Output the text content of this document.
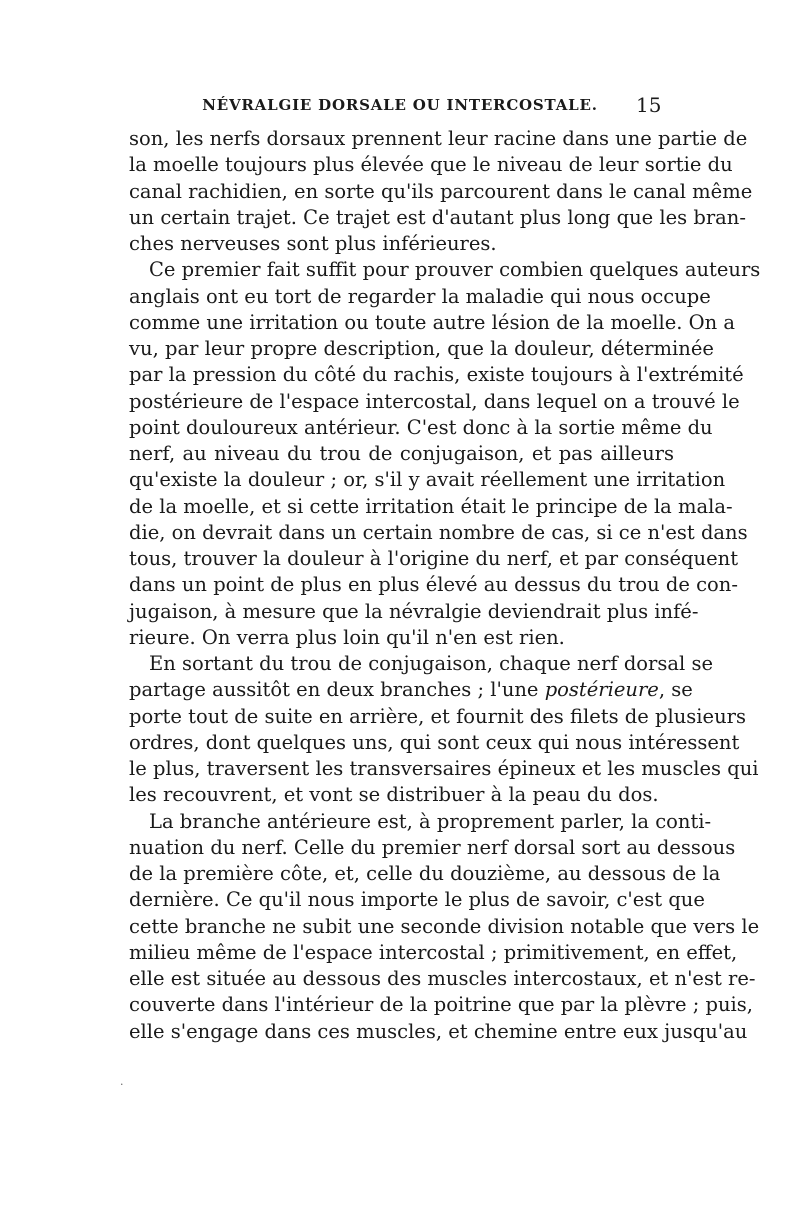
NÉVRALGIE DORSALE OU INTERCOSTALE.	15
son, les nerfs dorsaux prennent leur racine dans une partie de
la moelle toujours plus élevée que le niveau de leur sortie du
canal rachidien, en sorte qu'ils parcourent dans le canal même
un certain trajet. Ce trajet est d'autant plus long que les bran-
ches nerveuses sont plus inférieures.
Ce premier fait suffit pour prouver combien quelques auteurs
anglais ont eu tort de regarder la maladie qui nous occupe
comme une irritation ou toute autre lésion de la moelle. On a
vu, par leur propre description, que la douleur, déterminée
par la pression du côté du rachis, existe toujours à l'extrémité
postérieure de l'espace intercostal, dans lequel on a trouvé le
point douloureux antérieur. C'est donc à la sortie même du
nerf, au niveau du trou de conjugaison, et pas ailleurs
qu'existe la douleur ; or, s'il y avait réellement une irritation
de la moelle, et si cette irritation était le principe de la mala-
die, on devrait dans un certain nombre de cas, si ce n'est dans
tous, trouver la douleur à l'origine du nerf, et par conséquent
dans un point de plus en plus élevé au dessus du trou de con-
jugaison, à mesure que la névralgie deviendrait plus infé-
rieure. On verra plus loin qu'il n'en est rien.
En sortant du trou de conjugaison, chaque nerf dorsal se
partage aussitôt en deux branches ; l'une postérieure, se
porte tout de suite en arrière, et fournit des filets de plusieurs
ordres, dont quelques uns, qui sont ceux qui nous intéressent
le plus, traversent les transversaires épineux et les muscles qui
les recouvrent, et vont se distribuer à la peau du dos.
La branche antérieure est, à proprement parler, la conti-
nuation du nerf. Celle du premier nerf dorsal sort au dessous
de la première côte, et, celle du douzième, au dessous de la
dernière. Ce qu'il nous importe le plus de savoir, c'est que
cette branche ne subit une seconde division notable que vers le
milieu même de l'espace intercostal ; primitivement, en effet,
elle est située au dessous des muscles intercostaux, et n'est re-
couverte dans l'intérieur de la poitrine que par la plèvre ; puis,
elle s'engage dans ces muscles, et chemine entre eux jusqu'au
·
